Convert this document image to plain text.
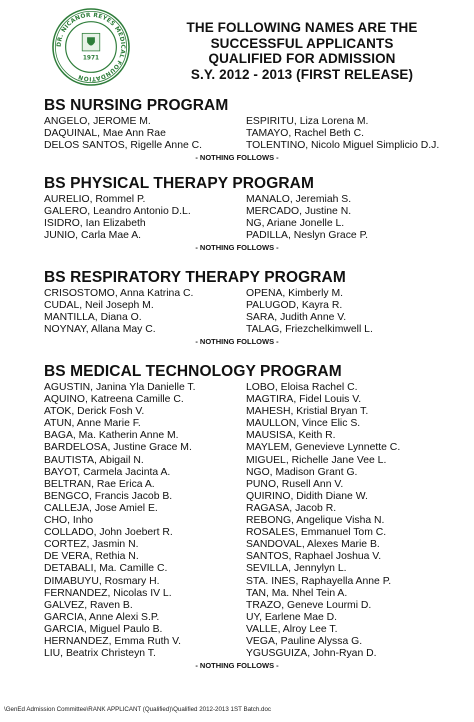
DR. NICANOR REYES MEDICAL FOUNDATION
1971
THE FOLLOWING NAMES ARE THE
SUCCESSFUL APPLICANTS
QUALIFIED FOR ADMISSION
S.Y. 2012 - 2013 (FIRST RELEASE)
BS NURSING PROGRAM
ANGELO, JEROME M.	ESPIRITU, Liza Lorena M.
DAQUINAL, Mae Ann Rae	TAMAYO, Rachel Beth C.
DELOS SANTOS, Rigelle Anne C.	TOLENTINO, Nicolo Miguel Simplicio D.J.
- NOTHING FOLLOWS -
BS PHYSICAL THERAPY PROGRAM
AURELIO, Rommel P.	MANALO, Jeremiah S.
GALERO, Leandro Antonio D.L.	MERCADO, Justine N.
ISIDRO, Ian Elizabeth	NG, Ariane Jonelle L.
JUNIO, Carla Mae A.	PADILLA, Neslyn Grace P.
- NOTHING FOLLOWS -
BS RESPIRATORY THERAPY PROGRAM
CRISOSTOMO, Anna Katrina C.	OPEÑA, Kimberly M.
CUDAL, Neil Joseph M.	PALUGOD, Kayra R.
MANTILLA, Diana O.	SARA, Judith Anne V.
NOYNAY, Allana May C.	TALAG, Friezchelkimwell L.
- NOTHING FOLLOWS -
BS MEDICAL TECHNOLOGY PROGRAM
AGUSTIN, Janina Yla Danielle T.	LOBO, Eloisa Rachel C.
AQUINO, Katreena Camille C.	MAGTIRA, Fidel Louis V.
ATOK, Derick Fosh V.	MAHESH, Kristial Bryan T.
ATUN, Anne Marie F.	MAULLON, Vince Elic S.
BAGA, Ma. Katherin Anne M.	MAUSISA, Keith R.
BARDELOSA, Justine Grace M.	MAYLEM, Genevieve Lynnette C.
BAUTISTA, Abigail N.	MIGUEL, Richelle Jane Vee L.
BAYOT, Carmela Jacinta A.	NGO, Madison Grant G.
BELTRAN, Rae Erica A.	PUNO, Rusell Ann V.
BENGCO, Francis Jacob B.	QUIRINO, Didith Diane W.
CALLEJA, Jose Amiel E.	RAGASA, Jacob R.
CHO, Inho	REBONG, Angelique Visha N.
COLLADO, John Joebert R.	ROSALES, Emmanuel Tom C.
CORTEZ, Jasmin N.	SANDOVAL, Alexes Marie B.
DE VERA, Rethia N.	SANTOS, Raphael Joshua V.
DETABALI, Ma. Camille C.	SEVILLA, Jennylyn L.
DIMABUYU, Rosmary H.	STA. INES, Raphayella Anne P.
FERNANDEZ, Nicolas IV L.	TAN, Ma. Nhel Tein A.
GALVEZ, Raven B.	TRAZO, Geneve Lourmi D.
GARCIA, Anne Alexi S.P.	UY, Earlene Mae D.
GARCIA, Miguel Paulo B.	VALLE, Alroy Lee T.
HERNANDEZ, Emma Ruth V.	VEGA, Pauline Alyssa G.
LIU, Beatrix Christeyn T.	YGUSGUIZA, John-Ryan D.
- NOTHING FOLLOWS -
\GenEd Admission Committee\RANK APPLICANT (Qualified)\Qualified 2012-2013 1ST Batch.doc
